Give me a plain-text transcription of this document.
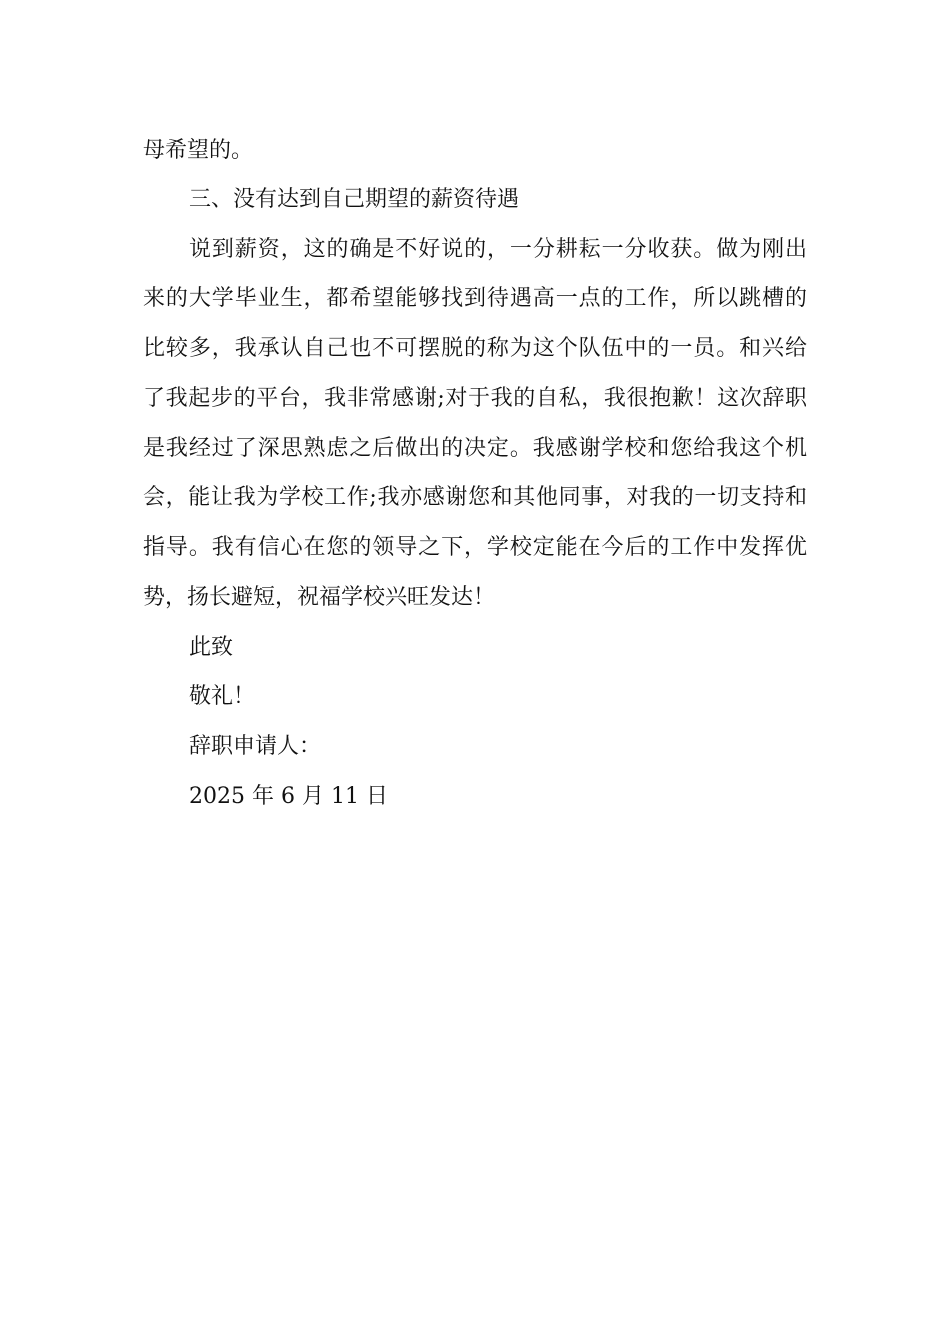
母希望的。
三、没有达到自己期望的薪资待遇
说到薪资，这的确是不好说的，一分耕耘一分收获。做为刚出
来的大学毕业生，都希望能够找到待遇高一点的工作，所以跳槽的
比较多，我承认自己也不可摆脱的称为这个队伍中的一员。和兴给
了我起步的平台，我非常感谢;对于我的自私，我很抱歉！这次辞职
是我经过了深思熟虑之后做出的决定。我感谢学校和您给我这个机
会，能让我为学校工作;我亦感谢您和其他同事，对我的一切支持和
指导。我有信心在您的领导之下，学校定能在今后的工作中发挥优
势，扬长避短，祝福学校兴旺发达！
此致
敬礼！
辞职申请人：
2025 年 6 月 11 日
